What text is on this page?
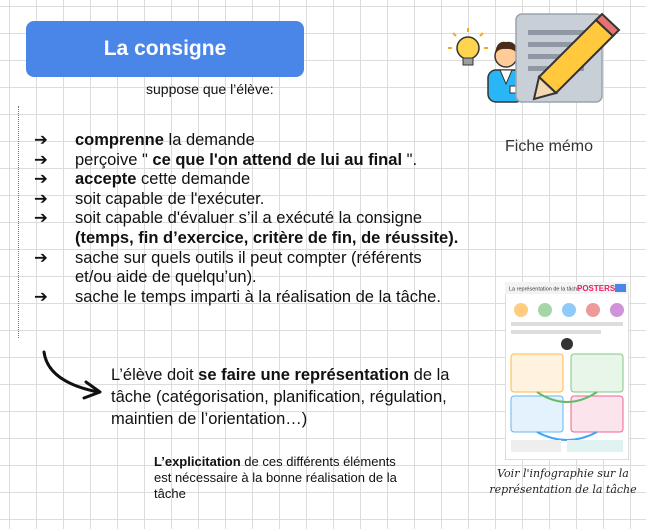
La consigne
suppose que l’élève:
Fiche mémo
➔	comprenne la demande
➔	perçoive " ce que l'on attend de lui au final ".
➔	accepte cette demande
➔	soit capable de l'exécuter.
➔	soit capable d'évaluer s’il a exécuté la consigne
(temps, fin d’exercice, critère de fin, de réussite).
➔	sache sur quels outils il peut compter (référents
et/ou aide de quelqu’un).
➔	sache le temps imparti à la réalisation de la tâche.
L’élève doit se faire une représentation de la tâche (catégorisation, planification, régulation, maintien de l’orientation…)
L’explicitation de ces différents éléments est nécessaire à la bonne réalisation de la tâche
La représentation de la tâche
POSTERS
Voir l'infographie sur la
représentation de la tâche
